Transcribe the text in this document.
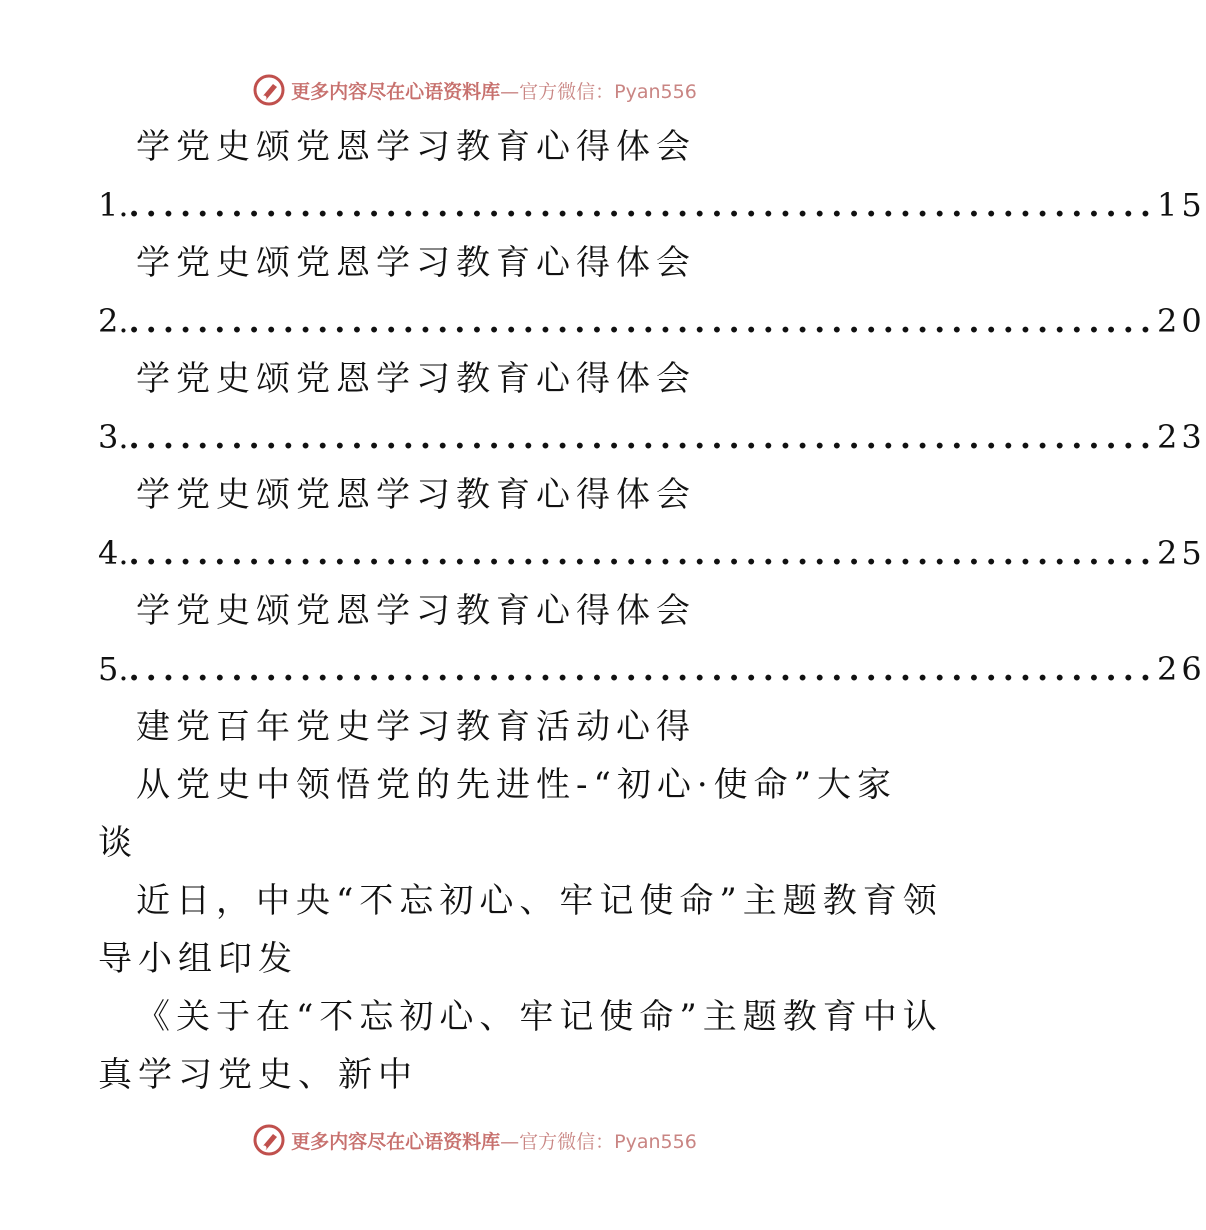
更多内容尽在心语资料库 —官方微信：Pyan556
学党史颂党恩学习教育心得体会
1. ............................................................ 15
学党史颂党恩学习教育心得体会
2. ............................................................ 20
学党史颂党恩学习教育心得体会
3. ............................................................ 23
学党史颂党恩学习教育心得体会
4. ............................................................ 25
学党史颂党恩学习教育心得体会
5. ............................................................ 26
建党百年党史学习教育活动心得
从党史中领悟党的先进性-“初心·使命”大家
谈
近日，中央“不忘初心、牢记使命”主题教育领
导小组印发
《关于在“不忘初心、牢记使命”主题教育中认
真学习党史、新中
更多内容尽在心语资料库 —官方微信：Pyan556
